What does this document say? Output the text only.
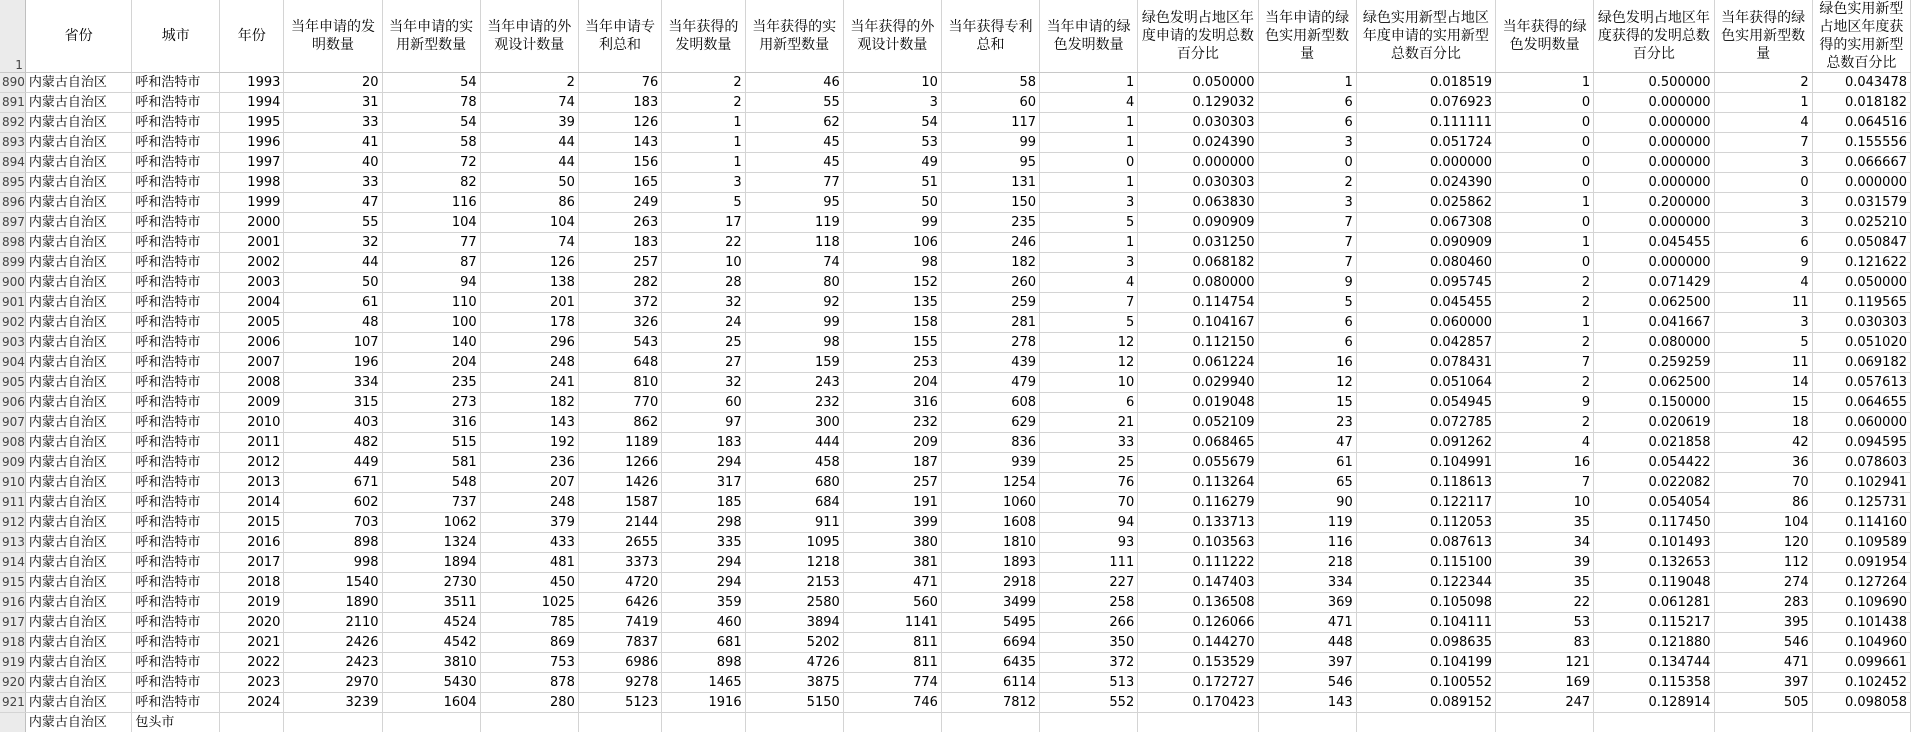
1	省份	城市	年份	当年申请的发明数量	当年申请的实用新型数量	当年申请的外观设计数量	当年申请专利总和	当年获得的发明数量	当年获得的实用新型数量	当年获得的外观设计数量	当年获得专利总和	当年申请的绿色发明数量	绿色发明占地区年度申请的发明总数百分比	当年申请的绿色实用新型数量	绿色实用新型占地区年度申请的实用新型总数百分比	当年获得的绿色发明数量	绿色发明占地区年度获得的发明总数百分比	当年获得的绿色实用新型数量	绿色实用新型占地区年度获得的实用新型总数百分比
890	内蒙古自治区	呼和浩特市	1993	20	54	2	76	2	46	10	58	1	0.050000	1	0.018519	1	0.500000	2	0.043478
891	内蒙古自治区	呼和浩特市	1994	31	78	74	183	2	55	3	60	4	0.129032	6	0.076923	0	0.000000	1	0.018182
892	内蒙古自治区	呼和浩特市	1995	33	54	39	126	1	62	54	117	1	0.030303	6	0.111111	0	0.000000	4	0.064516
893	内蒙古自治区	呼和浩特市	1996	41	58	44	143	1	45	53	99	1	0.024390	3	0.051724	0	0.000000	7	0.155556
894	内蒙古自治区	呼和浩特市	1997	40	72	44	156	1	45	49	95	0	0.000000	0	0.000000	0	0.000000	3	0.066667
895	内蒙古自治区	呼和浩特市	1998	33	82	50	165	3	77	51	131	1	0.030303	2	0.024390	0	0.000000	0	0.000000
896	内蒙古自治区	呼和浩特市	1999	47	116	86	249	5	95	50	150	3	0.063830	3	0.025862	1	0.200000	3	0.031579
897	内蒙古自治区	呼和浩特市	2000	55	104	104	263	17	119	99	235	5	0.090909	7	0.067308	0	0.000000	3	0.025210
898	内蒙古自治区	呼和浩特市	2001	32	77	74	183	22	118	106	246	1	0.031250	7	0.090909	1	0.045455	6	0.050847
899	内蒙古自治区	呼和浩特市	2002	44	87	126	257	10	74	98	182	3	0.068182	7	0.080460	0	0.000000	9	0.121622
900	内蒙古自治区	呼和浩特市	2003	50	94	138	282	28	80	152	260	4	0.080000	9	0.095745	2	0.071429	4	0.050000
901	内蒙古自治区	呼和浩特市	2004	61	110	201	372	32	92	135	259	7	0.114754	5	0.045455	2	0.062500	11	0.119565
902	内蒙古自治区	呼和浩特市	2005	48	100	178	326	24	99	158	281	5	0.104167	6	0.060000	1	0.041667	3	0.030303
903	内蒙古自治区	呼和浩特市	2006	107	140	296	543	25	98	155	278	12	0.112150	6	0.042857	2	0.080000	5	0.051020
904	内蒙古自治区	呼和浩特市	2007	196	204	248	648	27	159	253	439	12	0.061224	16	0.078431	7	0.259259	11	0.069182
905	内蒙古自治区	呼和浩特市	2008	334	235	241	810	32	243	204	479	10	0.029940	12	0.051064	2	0.062500	14	0.057613
906	内蒙古自治区	呼和浩特市	2009	315	273	182	770	60	232	316	608	6	0.019048	15	0.054945	9	0.150000	15	0.064655
907	内蒙古自治区	呼和浩特市	2010	403	316	143	862	97	300	232	629	21	0.052109	23	0.072785	2	0.020619	18	0.060000
908	内蒙古自治区	呼和浩特市	2011	482	515	192	1189	183	444	209	836	33	0.068465	47	0.091262	4	0.021858	42	0.094595
909	内蒙古自治区	呼和浩特市	2012	449	581	236	1266	294	458	187	939	25	0.055679	61	0.104991	16	0.054422	36	0.078603
910	内蒙古自治区	呼和浩特市	2013	671	548	207	1426	317	680	257	1254	76	0.113264	65	0.118613	7	0.022082	70	0.102941
911	内蒙古自治区	呼和浩特市	2014	602	737	248	1587	185	684	191	1060	70	0.116279	90	0.122117	10	0.054054	86	0.125731
912	内蒙古自治区	呼和浩特市	2015	703	1062	379	2144	298	911	399	1608	94	0.133713	119	0.112053	35	0.117450	104	0.114160
913	内蒙古自治区	呼和浩特市	2016	898	1324	433	2655	335	1095	380	1810	93	0.103563	116	0.087613	34	0.101493	120	0.109589
914	内蒙古自治区	呼和浩特市	2017	998	1894	481	3373	294	1218	381	1893	111	0.111222	218	0.115100	39	0.132653	112	0.091954
915	内蒙古自治区	呼和浩特市	2018	1540	2730	450	4720	294	2153	471	2918	227	0.147403	334	0.122344	35	0.119048	274	0.127264
916	内蒙古自治区	呼和浩特市	2019	1890	3511	1025	6426	359	2580	560	3499	258	0.136508	369	0.105098	22	0.061281	283	0.109690
917	内蒙古自治区	呼和浩特市	2020	2110	4524	785	7419	460	3894	1141	5495	266	0.126066	471	0.104111	53	0.115217	395	0.101438
918	内蒙古自治区	呼和浩特市	2021	2426	4542	869	7837	681	5202	811	6694	350	0.144270	448	0.098635	83	0.121880	546	0.104960
919	内蒙古自治区	呼和浩特市	2022	2423	3810	753	6986	898	4726	811	6435	372	0.153529	397	0.104199	121	0.134744	471	0.099661
920	内蒙古自治区	呼和浩特市	2023	2970	5430	878	9278	1465	3875	774	6114	513	0.172727	546	0.100552	169	0.115358	397	0.102452
921	内蒙古自治区	呼和浩特市	2024	3239	1604	280	5123	1916	5150	746	7812	552	0.170423	143	0.089152	247	0.128914	505	0.098058
	内蒙古自治区	包头市																	
